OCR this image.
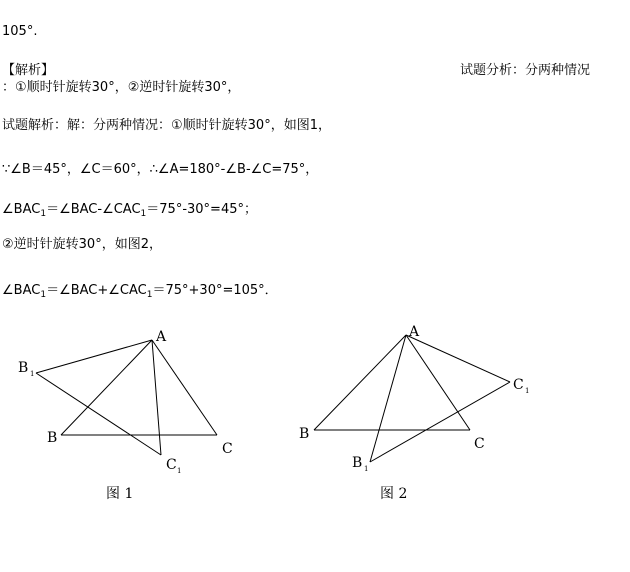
105°.
【解析】	试题分析：分两种情况
：①顺时针旋转30°，②逆时针旋转30°，
试题解析：解：分两种情况：①顺时针旋转30°，如图1，
∵∠B＝45°，∠C＝60°，∴∠A=180°-∠B-∠C=75°，
$\angle BAC_1=\angle BAC-\angle CAC_1=75^\circ-30^\circ=45^\circ$；
②逆时针旋转30°，如图2，
$\angle BAC_1=\angle BAC+\angle CAC_1=75^\circ+30^\circ=105^\circ$．
A
B 1
B
C
C 1
A
C 1
B
C
B 1
图 1	图 2
